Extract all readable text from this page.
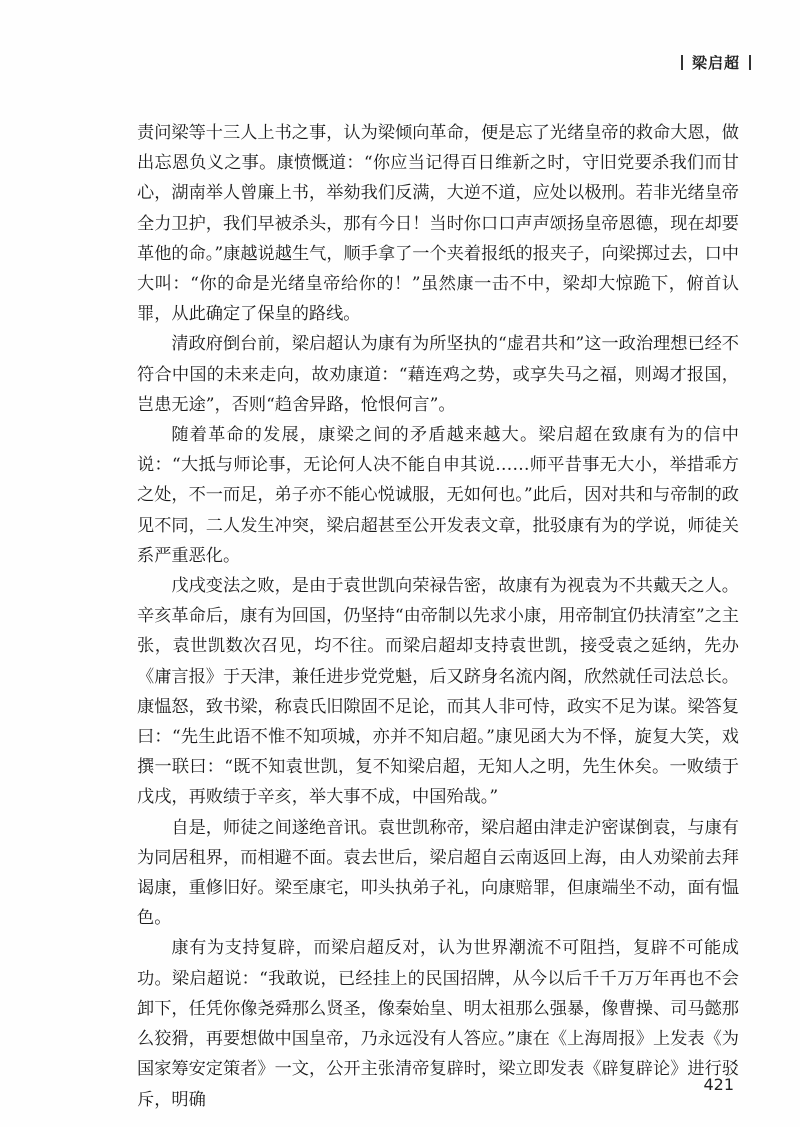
梁启超

责问梁等十三人上书之事，认为梁倾向革命，便是忘了光绪皇帝的救命大恩，做出忘恩负义之事。康愤慨道：“你应当记得百日维新之时，守旧党要杀我们而甘心，湖南举人曾廉上书，举劾我们反满，大逆不道，应处以极刑。若非光绪皇帝全力卫护，我们早被杀头，那有今日！当时你口口声声颂扬皇帝恩德，现在却要革他的命。”康越说越生气，顺手拿了一个夹着报纸的报夹子，向梁掷过去，口中大叫：“你的命是光绪皇帝给你的！”虽然康一击不中，梁却大惊跪下，俯首认罪，从此确定了保皇的路线。

清政府倒台前，梁启超认为康有为所坚执的“虚君共和”这一政治理想已经不符合中国的未来走向，故劝康道：“藉连鸡之势，或享失马之福，则竭才报国，岂患无途”，否则“趋舍异路，怆恨何言”。

随着革命的发展，康梁之间的矛盾越来越大。梁启超在致康有为的信中说：“大抵与师论事，无论何人决不能自申其说……师平昔事无大小，举措乖方之处，不一而足，弟子亦不能心悦诚服，无如何也。”此后，因对共和与帝制的政见不同，二人发生冲突，梁启超甚至公开发表文章，批驳康有为的学说，师徒关系严重恶化。

戊戌变法之败，是由于袁世凯向荣禄告密，故康有为视袁为不共戴天之人。辛亥革命后，康有为回国，仍坚持“由帝制以先求小康，用帝制宜仍扶清室”之主张，袁世凯数次召见，均不往。而梁启超却支持袁世凯，接受袁之延纳，先办《庸言报》于天津，兼任进步党党魁，后又跻身名流内阁，欣然就任司法总长。康愠怒，致书梁，称袁氏旧隙固不足论，而其人非可恃，政实不足为谋。梁答复曰：“先生此语不惟不知项城，亦并不知启超。”康见函大为不怿，旋复大笑，戏撰一联曰：“既不知袁世凯，复不知梁启超，无知人之明，先生休矣。一败绩于戊戌，再败绩于辛亥，举大事不成，中国殆哉。”

自是，师徒之间遂绝音讯。袁世凯称帝，梁启超由津走沪密谋倒袁，与康有为同居租界，而相避不面。袁去世后，梁启超自云南返回上海，由人劝梁前去拜谒康，重修旧好。梁至康宅，叩头执弟子礼，向康赔罪，但康端坐不动，面有愠色。

康有为支持复辟，而梁启超反对，认为世界潮流不可阻挡，复辟不可能成功。梁启超说：“我敢说，已经挂上的民国招牌，从今以后千千万万年再也不会卸下，任凭你像尧舜那么贤圣，像秦始皇、明太祖那么强暴，像曹操、司马懿那么狡猾，再要想做中国皇帝，乃永远没有人答应。”康在《上海周报》上发表《为国家筹安定策者》一文，公开主张清帝复辟时，梁立即发表《辟复辟论》进行驳斥，明确

421
